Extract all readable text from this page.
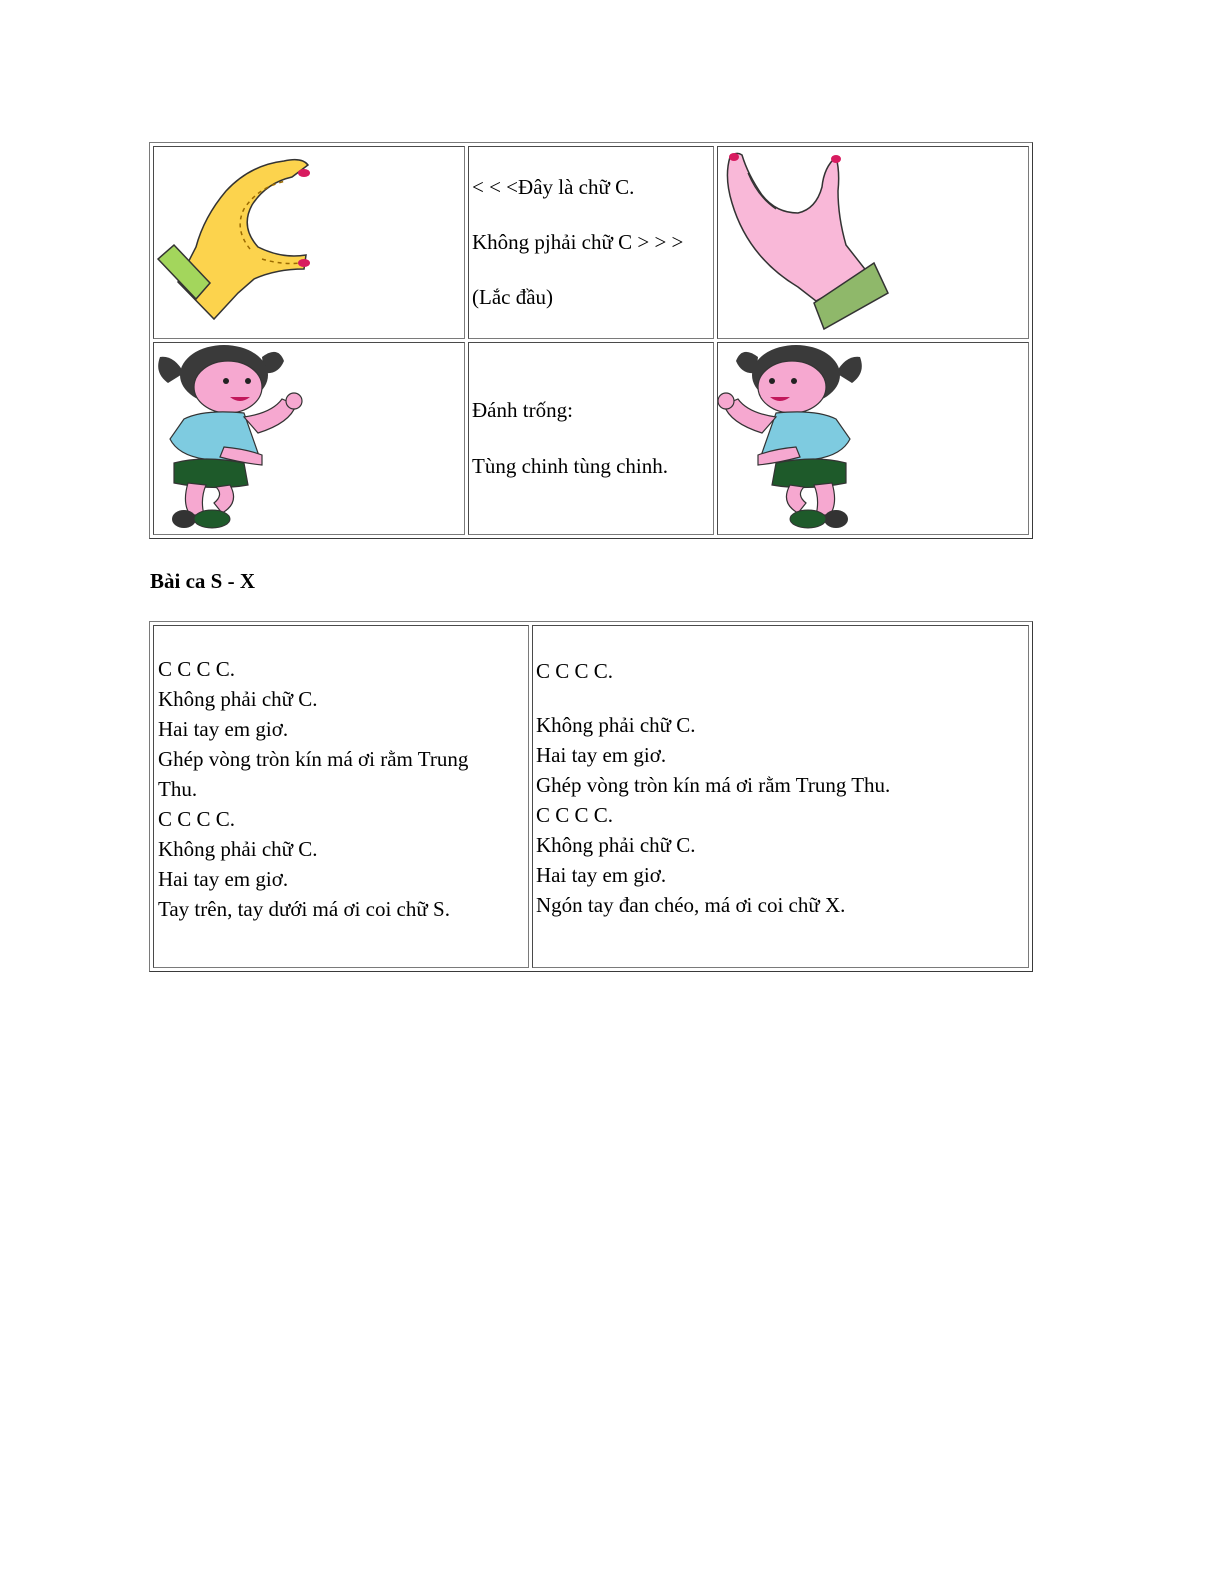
< < <Đây là chữ C.

Không pjhải chữ C > > >

(Lắc đầu)

Đánh trống:

Tùng chinh tùng chinh.

Bài ca S - X
C C C C.
Không phải chữ C.
Hai tay em giơ.
Ghép vòng tròn kín má ơi rằm Trung
Thu.
C C C C.
Không phải chữ C.
Hai tay em giơ.
Tay trên, tay dưới má ơi coi chữ S.

C C C C.
Không phải chữ C.
Hai tay em giơ.
Ghép vòng tròn kín má ơi rằm Trung Thu.
C C C C.
Không phải chữ C.
Hai tay em giơ.
Ngón tay đan chéo, má ơi coi chữ X.
